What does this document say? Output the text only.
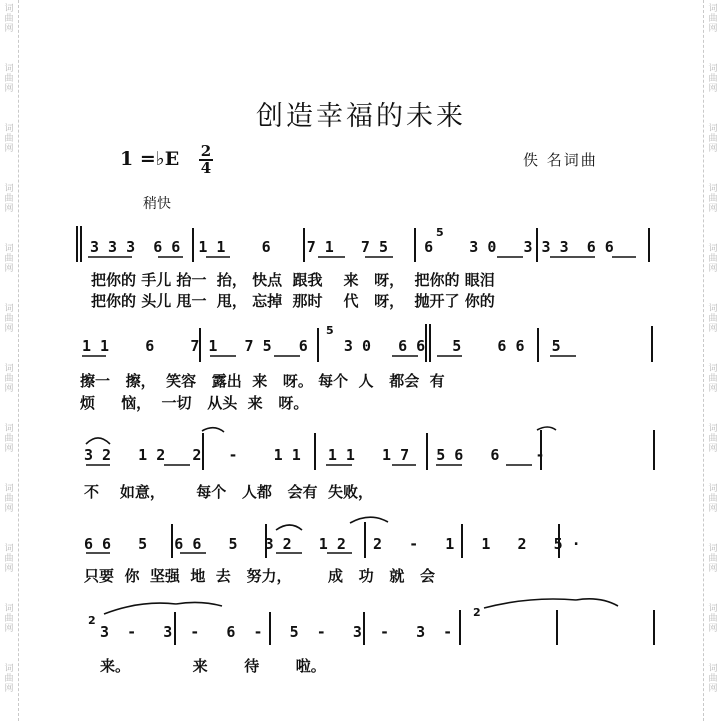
词
曲
网
词
曲
网
词
曲
网
词
曲
网
词
曲
网
词
曲
网
词
曲
网
词
曲
网
词
曲
网
词
曲
网
词
曲
网
词
曲
网
词
曲
网
词
曲
网
词
曲
网
词
曲
网
词
曲
网
词
曲
网
词
曲
网
词
曲
网
词
曲
网
词
曲
网
词
曲
网
词
曲
网
创造幸福的未来
1 =♭E 2
4	佚 名词曲
稍快
3 3 3  6 6  1 1    6    7 1   7 5    6    3 0   3 3 3  6 6
把你的 手儿 抬一  抬， 快点  跟我    来   呀，  把你的 眼泪
把你的 头儿 甩一  甩， 忘掉  那时    代   呀，  抛开了 你的
1 1    6    7 1   7 5   6    3 0   6 6   5    6 6   5
擦一   擦，  笑容   露出  来   呀。 每个  人   都会  有
烦     恼，  一切   从头  来   呀。
3 2   1 2   2   -    1 1   1 1   1 7   5 6   6    -
不    如意，      每个   人都   会有  失败，
6 6   5   6 6   5   3 2   1 2   2   -   1   1   2   5 ·
只要  你  坚强  地  去   努力，       成   功   就   会
3  -   3  -   6  -   5  -   3  -   3  -
来。            来       待       啦。
5
5
2
2
